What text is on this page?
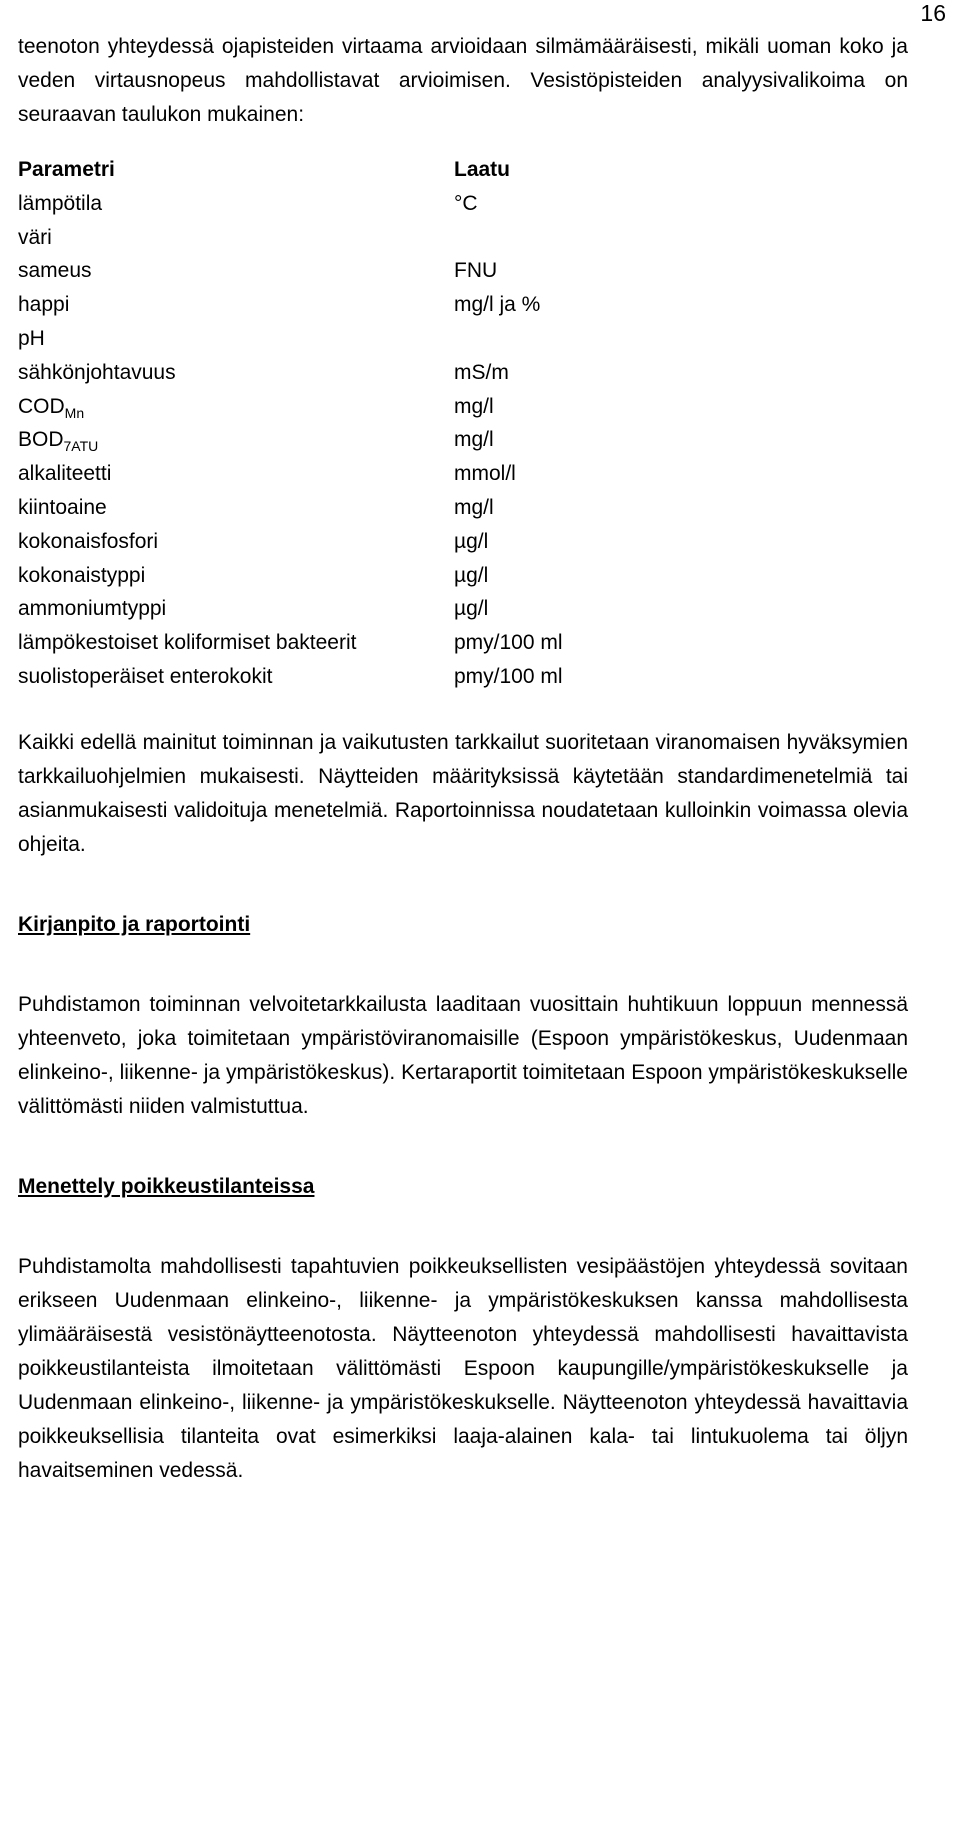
16

teenoton yhteydessä ojapisteiden virtaama arvioidaan silmämääräisesti, mikäli uoman koko ja veden virtausnopeus mahdollistavat arvioimisen. Vesistöpisteiden analyysivalikoima on seuraavan taulukon mukainen:

Parametri	Laatu
lämpötila	°C
väri	
sameus	FNU
happi	mg/l ja %
pH	
sähkönjohtavuus	mS/m
$COD_{Mn}$	mg/l
$BOD_{7ATU}$	mg/l
alkaliteetti	mmol/l
kiintoaine	mg/l
kokonaisfosfori	µg/l
kokonaistyppi	µg/l
ammoniumtyppi	µg/l
lämpökestoiset koliformiset bakteerit	pmy/100 ml
suolistoperäiset enterokokit	pmy/100 ml

Kaikki edellä mainitut toiminnan ja vaikutusten tarkkailut suoritetaan viranomaisen hyväksymien tarkkailuohjelmien mukaisesti. Näytteiden määrityksissä käytetään standardimenetelmiä tai asianmukaisesti validoituja menetelmiä. Raportoinnissa noudatetaan kulloinkin voimassa olevia ohjeita.

Kirjanpito ja raportointi

Puhdistamon toiminnan velvoitetarkkailusta laaditaan vuosittain huhtikuun loppuun mennessä yhteenveto, joka toimitetaan ympäristöviranomaisille (Espoon ympäristökeskus, Uudenmaan elinkeino-, liikenne- ja ympäristökeskus). Kertaraportit toimitetaan Espoon ympäristökeskukselle välittömästi niiden valmistuttua.

Menettely poikkeustilanteissa

Puhdistamolta mahdollisesti tapahtuvien poikkeuksellisten vesipäästöjen yhteydessä sovitaan erikseen Uudenmaan elinkeino-, liikenne- ja ympäristökeskuksen kanssa mahdollisesta ylimääräisestä vesistönäytteenotosta. Näytteenoton yhteydessä mahdollisesti havaittavista poikkeustilanteista ilmoitetaan välittömästi Espoon kaupungille/ympäristökeskukselle ja Uudenmaan elinkeino-, liikenne- ja ympäristökeskukselle. Näytteenoton yhteydessä havaittavia poikkeuksellisia tilanteita ovat esimerkiksi laaja-alainen kala- tai lintukuolema tai öljyn havaitseminen vedessä.
